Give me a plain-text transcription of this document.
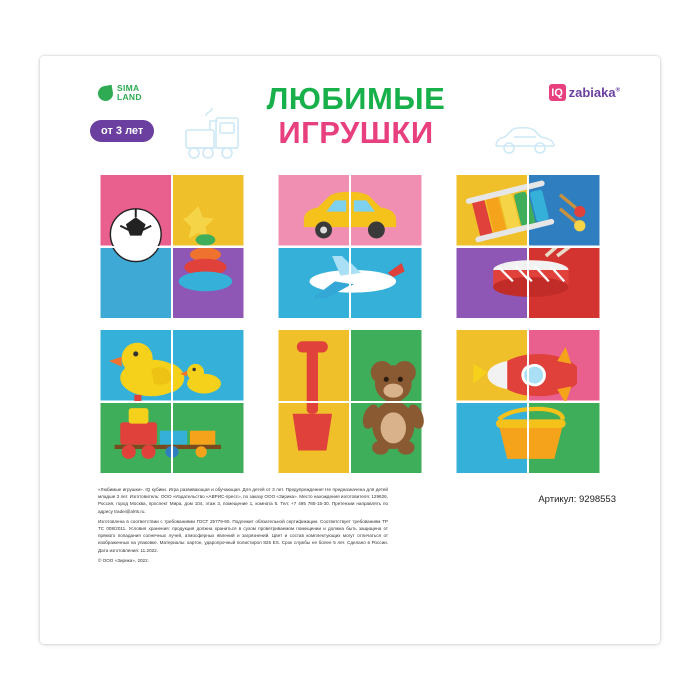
SIMA
LAND
от 3 лет
ЛЮБИМЫЕ
ИГРУШКИ
IQ zabiaka®

«Любимые игрушки». IQ кубики. Игра развивающая и обучающая. Для детей от 3 лет. Предупреждение! Не предназначена для детей младше 3 лет. Изготовитель: ООО «Издательство «АВРИС-пресс», по заказу ООО «Зирика». Место нахождения изготовителя: 129626, Россия, город Москва, проспект Мира, дом 104, этаж 3, помещение 1, комната 5. Тел: +7 495 785-15-30. Претензии направлять по адресу tradei@alrts.ru.

Изготовлена в соответствии с требованиями ГОСТ 25779-90. Подлежит обязательной сертификации. Соответствует требованиям ТР ТС 008/2011. Условия хранения: продукция должна храниться в сухом проветриваемом помещении и должна быть защищена от прямого попадания солнечных лучей, атмосферных явлений и загрязнений. Цвет и состав комплектующих могут отличаться от изображенных на упаковке. Материалы: картон, ударопрочный полистирол 825 ES. Срок службы не более 5 лет. Сделано в России. Дата изготовления: 11.2022.

© ООО «Зирика», 2022.

Артикул: 9298553
